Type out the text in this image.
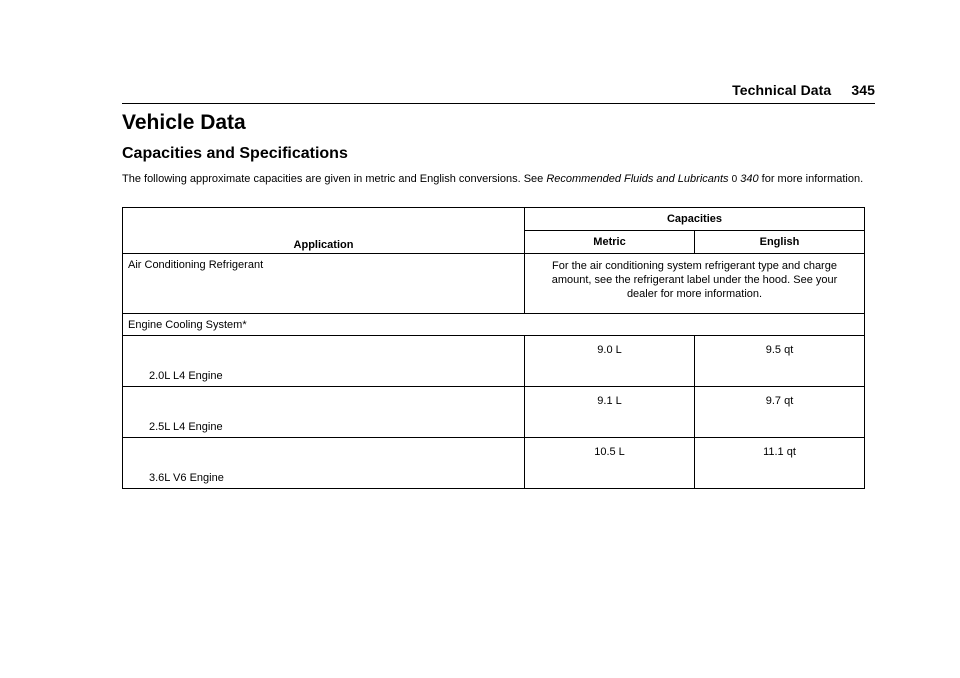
Technical Data 345
Vehicle Data
Capacities and Specifications

The following approximate capacities are given in metric and English conversions. See Recommended Fluids and Lubricants 0 340 for more information.

Application	Capacities	
	Metric	English
Air Conditioning Refrigerant	For the air conditioning system refrigerant type and charge amount, see the refrigerant label under the hood. See your dealer for more information.	
Engine Cooling System*		
2.0L L4 Engine	9.0 L	9.5 qt
2.5L L4 Engine	9.1 L	9.7 qt
3.6L V6 Engine	10.5 L	11.1 qt
